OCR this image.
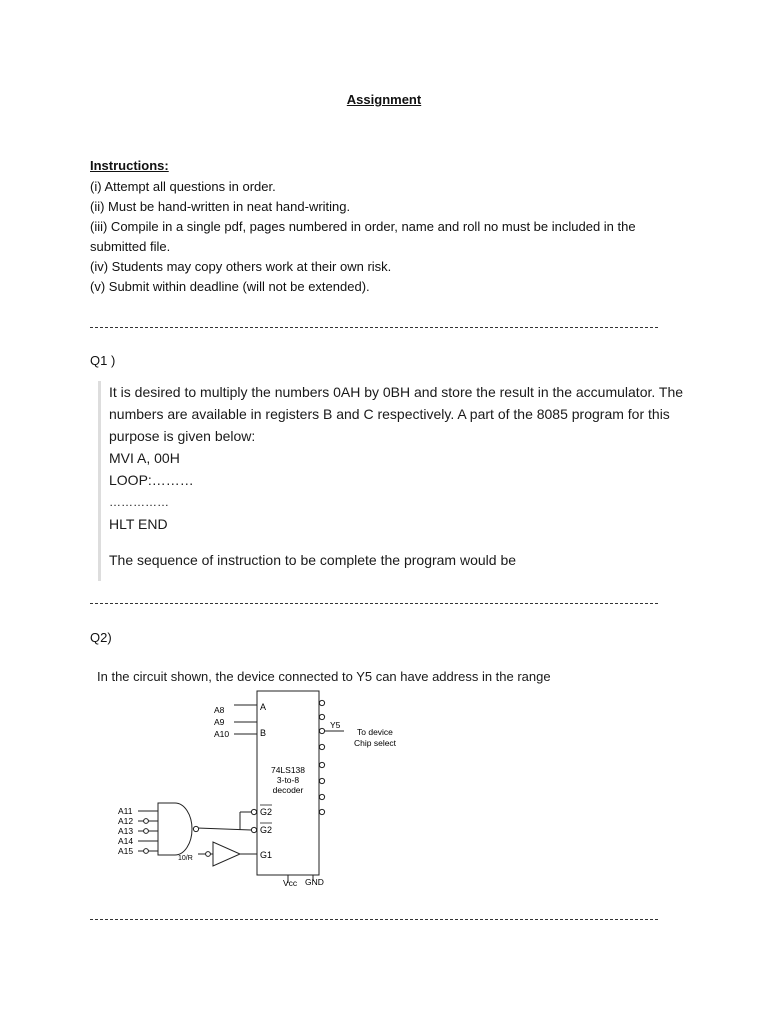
Assignment
Instructions:
(i) Attempt all questions in order.
(ii) Must be hand-written in neat hand-writing.
(iii) Compile in a single pdf, pages numbered in order, name and roll no must be included in the submitted file.
(iv) Students may copy others work at their own risk.
(v) Submit within deadline (will not be extended).
Q1 )

It is desired to multiply the numbers 0AH by 0BH and store the result in the accumulator. The numbers are available in registers B and C respectively. A part of the 8085 program for this purpose is given below:

MVI A, 00H

LOOP:………

……………

HLT END

The sequence of instruction to be complete the program would be

Q2)
In the circuit shown, the device connected to Y5 can have address in the range
74LS138
3-to-8
decoder
A
B
A8
A9
A10
Y5
To device
Chip select
G2
G2
G1
A11
A12
A13
A14
A15
10/R
Vcc GND
